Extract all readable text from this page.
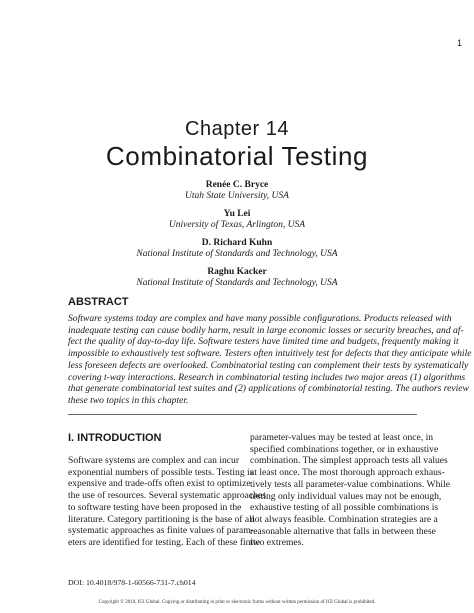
1
Chapter 14
Combinatorial Testing
Renée C. Bryce
Utah State University, USA
Yu Lei
University of Texas, Arlington, USA
D. Richard Kuhn
National Institute of Standards and Technology, USA
Raghu Kacker
National Institute of Standards and Technology, USA
ABSTRACT
Software systems today are complex and have many possible configurations. Products released with
inadequate testing can cause bodily harm, result in large economic losses or security breaches, and af-
fect the quality of day-to-day life. Software testers have limited time and budgets, frequently making it
impossible to exhaustively test software. Testers often intuitively test for defects that they anticipate while
less foreseen defects are overlooked. Combinatorial testing can complement their tests by systematically
covering t-way interactions. Research in combinatorial testing includes two major areas (1) algorithms
that generate combinatorial test suites and (2) applications of combinatorial testing. The authors review
these two topics in this chapter.
I. INTRODUCTION
Software systems are complex and can incur
exponential numbers of possible tests. Testing is
expensive and trade-offs often exist to optimize
the use of resources. Several systematic approaches
to software testing have been proposed in the
literature. Category partitioning is the base of all
systematic approaches as finite values of param-
eters are identified for testing. Each of these finite
parameter-values may be tested at least once, in
specified combinations together, or in exhaustive
combination. The simplest approach tests all values
at least once. The most thorough approach exhaus-
tively tests all parameter-value combinations. While
testing only individual values may not be enough,
exhaustive testing of all possible combinations is
not always feasible. Combination strategies are a
reasonable alternative that falls in between these
two extremes.
DOI: 10.4018/978-1-60566-731-7.ch014
Copyright © 2010, IGI Global. Copying or distributing in print or electronic forms without written permission of IGI Global is prohibited.
